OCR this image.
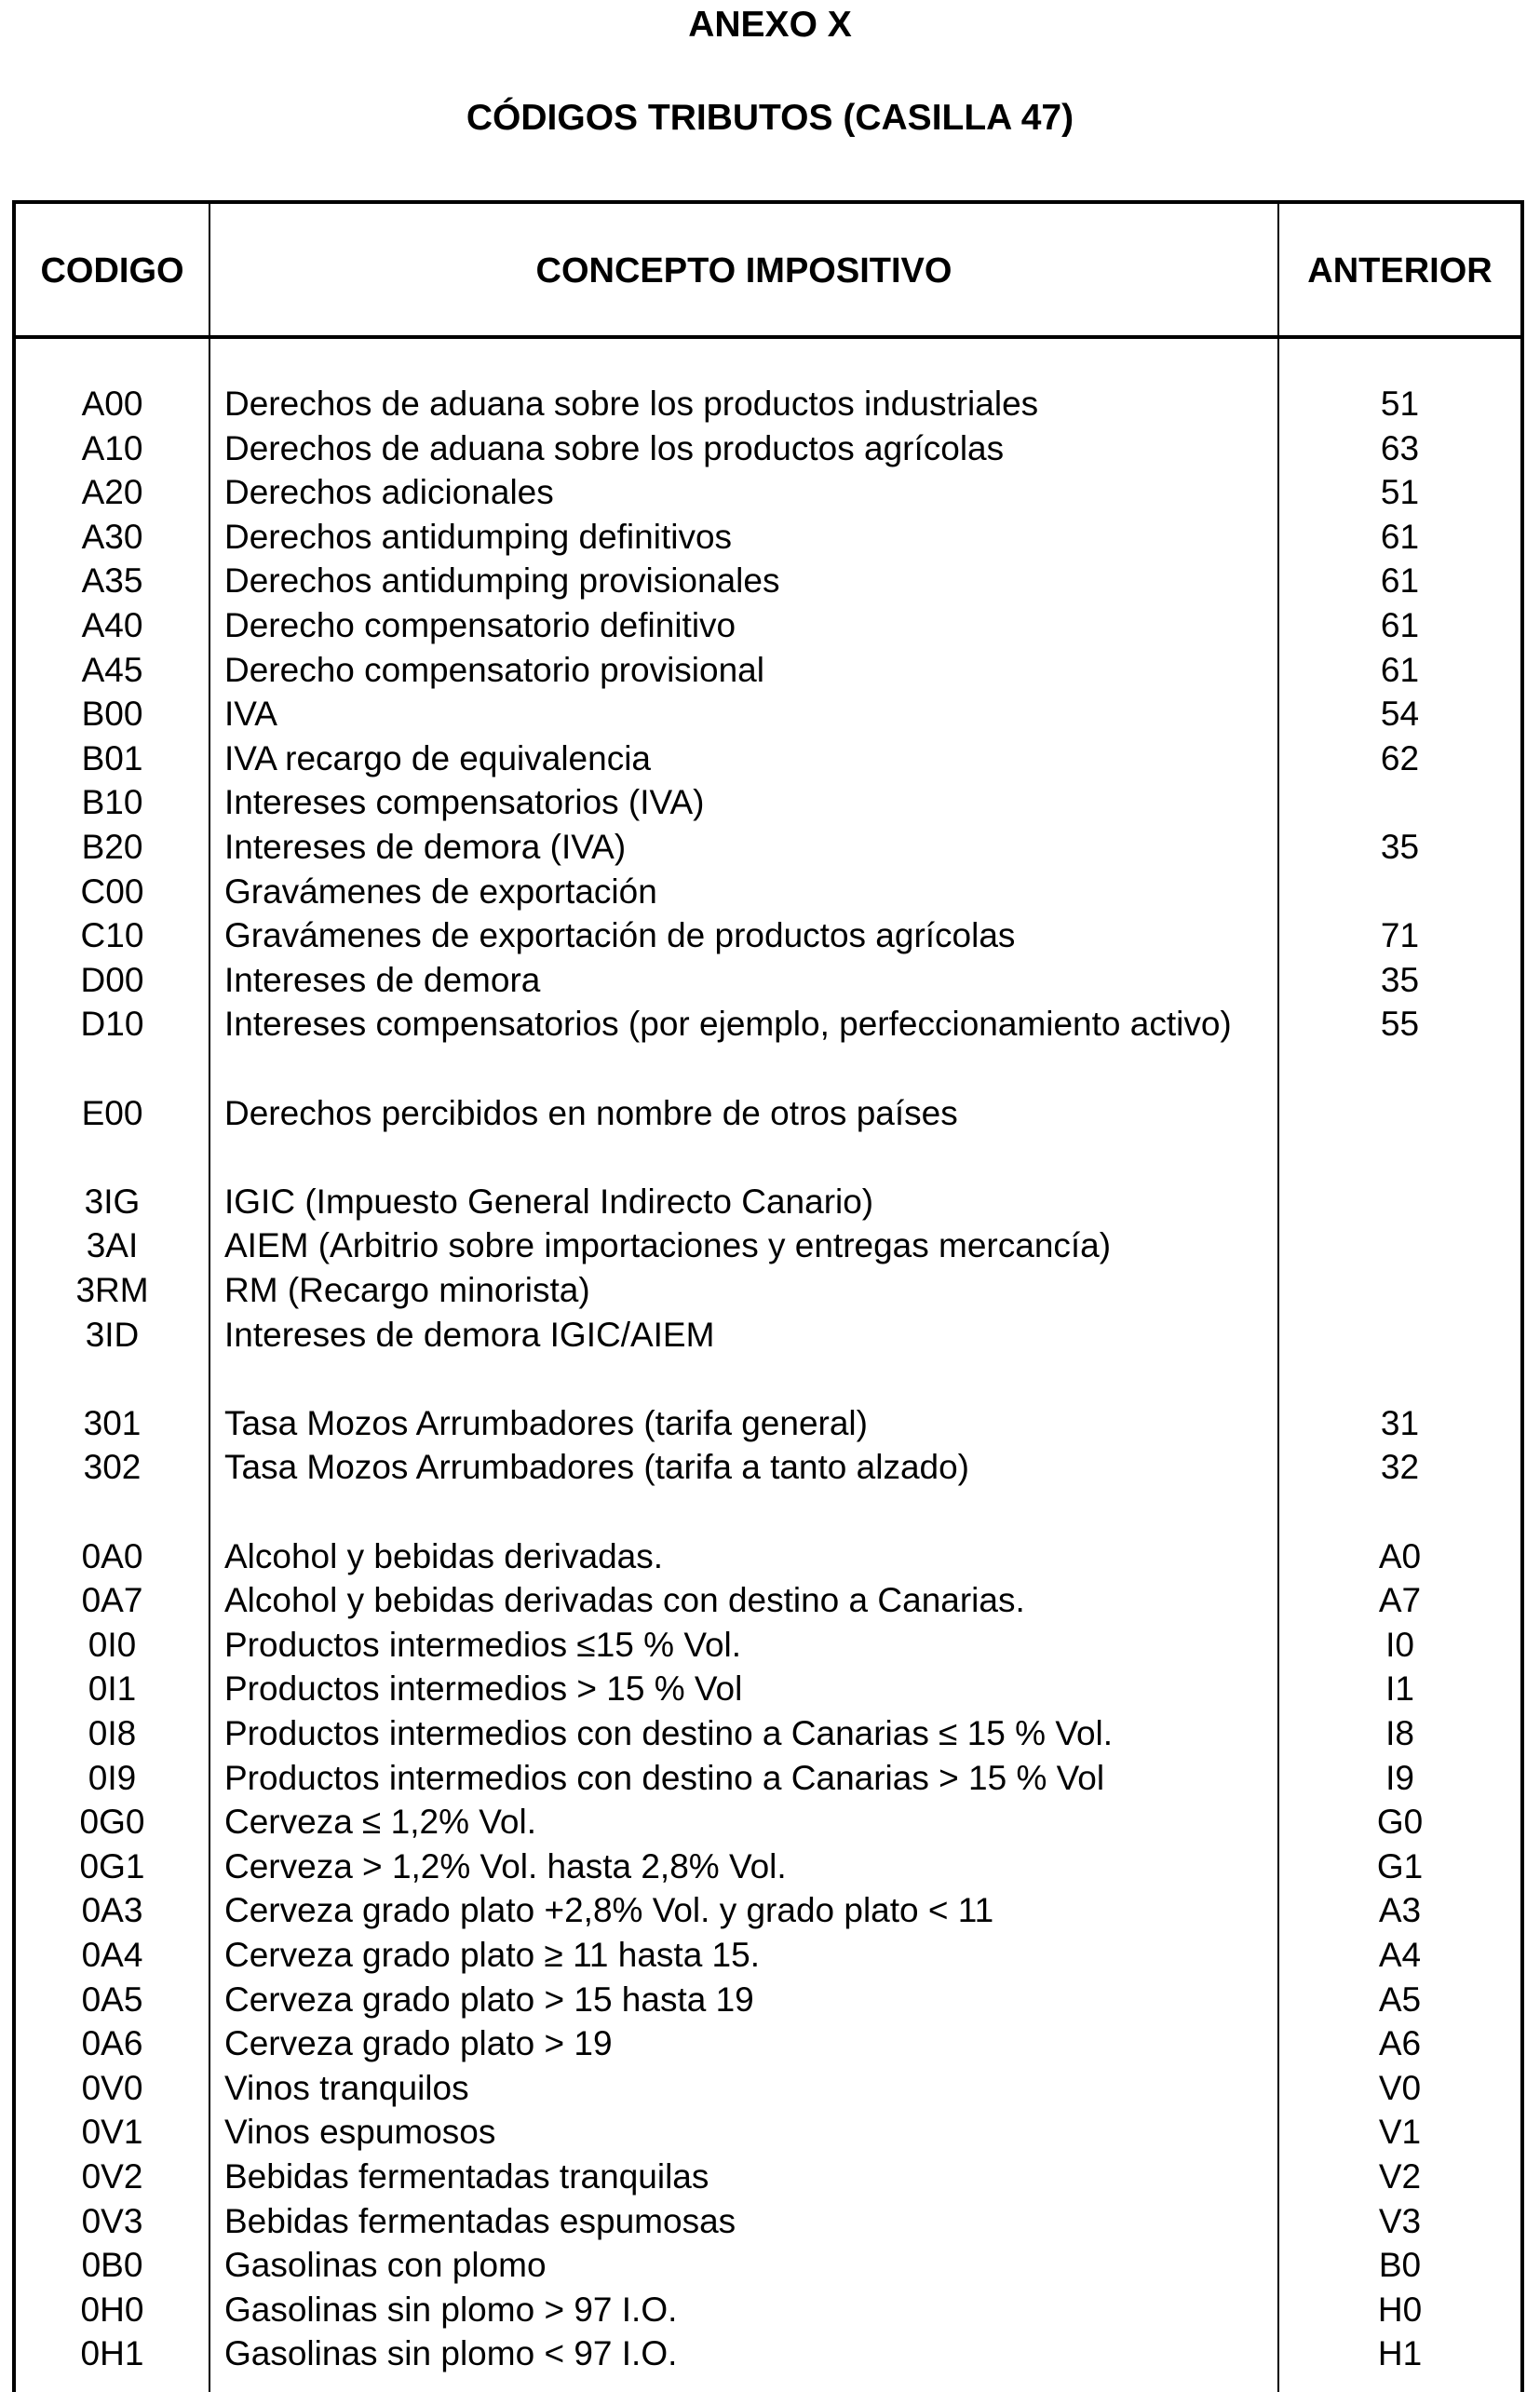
ANEXO X
CÓDIGOS TRIBUTOS (CASILLA 47)
CODIGO	CONCEPTO IMPOSITIVO	ANTERIOR
A00	Derechos de aduana sobre los productos industriales	51
A10	Derechos de aduana sobre los productos agrícolas	63
A20	Derechos adicionales	51
A30	Derechos antidumping definitivos	61
A35	Derechos antidumping provisionales	61
A40	Derecho compensatorio definitivo	61
A45	Derecho compensatorio provisional	61
B00	IVA	54
B01	IVA recargo de equivalencia	62
B10	Intereses compensatorios (IVA)
B20	Intereses de demora (IVA)	35
C00	Gravámenes de exportación
C10	Gravámenes de exportación de productos agrícolas	71
D00	Intereses de demora	35
D10	Intereses compensatorios (por ejemplo, perfeccionamiento activo)	55
E00	Derechos percibidos en nombre de otros países
3IG	IGIC (Impuesto General Indirecto Canario)
3AI	AIEM (Arbitrio sobre importaciones y entregas mercancía)
3RM	RM (Recargo minorista)
3ID	Intereses de demora IGIC/AIEM
301	Tasa Mozos Arrumbadores (tarifa general)	31
302	Tasa Mozos Arrumbadores (tarifa a tanto alzado)	32
0A0	Alcohol y bebidas derivadas.	A0
0A7	Alcohol y bebidas derivadas con destino a Canarias.	A7
0I0	Productos intermedios ≤15 % Vol.	I0
0I1	Productos intermedios > 15 % Vol	I1
0I8	Productos intermedios con destino a Canarias ≤ 15 % Vol.	I8
0I9	Productos intermedios con destino a Canarias > 15 % Vol	I9
0G0	Cerveza ≤ 1,2% Vol.	G0
0G1	Cerveza > 1,2% Vol. hasta 2,8% Vol.	G1
0A3	Cerveza grado plato +2,8% Vol. y grado plato < 11	A3
0A4	Cerveza grado plato ≥ 11 hasta 15.	A4
0A5	Cerveza grado plato > 15 hasta 19	A5
0A6	Cerveza grado plato > 19	A6
0V0	Vinos tranquilos	V0
0V1	Vinos espumosos	V1
0V2	Bebidas fermentadas tranquilas	V2
0V3	Bebidas fermentadas espumosas	V3
0B0	Gasolinas con plomo	B0
0H0	Gasolinas sin plomo > 97 I.O.	H0
0H1	Gasolinas sin plomo < 97 I.O.	H1
